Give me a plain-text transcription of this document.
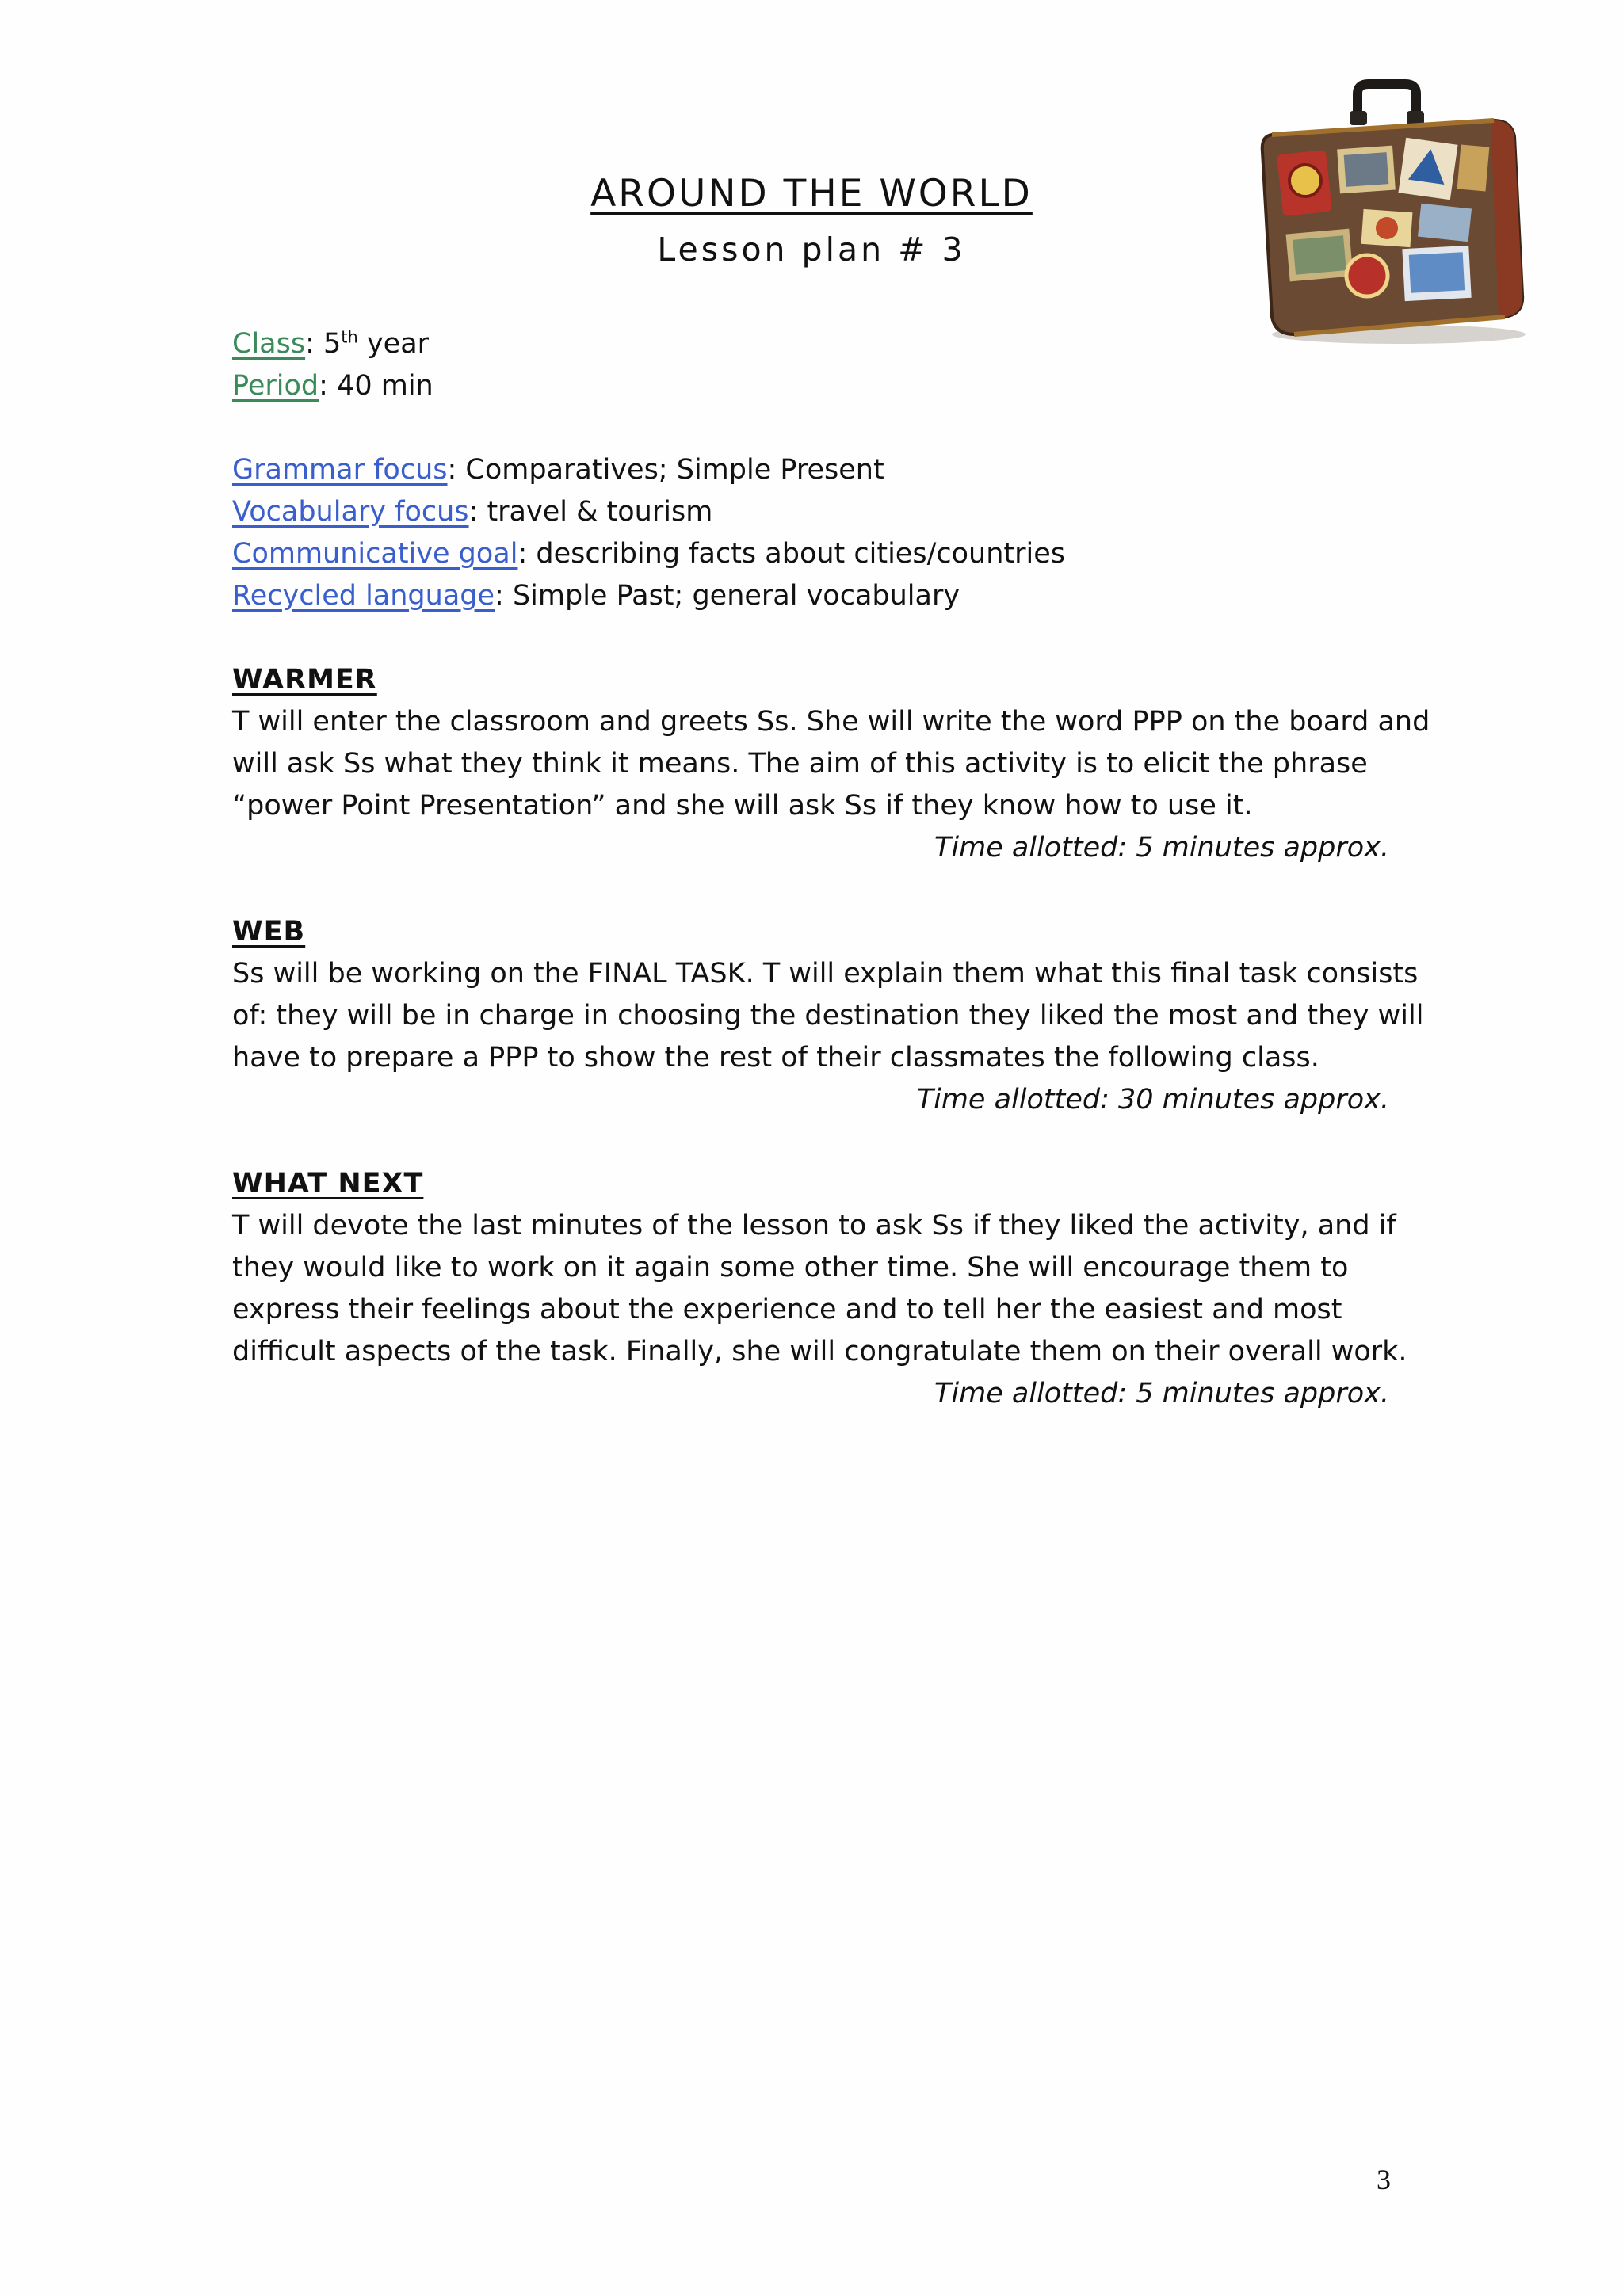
AROUND THE WORLD
Lesson plan # 3

Class: 5th year

Period: 40 min

Grammar focus: Comparatives; Simple Present

Vocabulary focus: travel & tourism

Communicative goal: describing facts about cities/countries

Recycled language: Simple Past; general vocabulary

WARMER

T will enter the classroom and greets Ss. She will write the word PPP on the board and

will ask Ss what they think it means. The aim of this activity is to elicit the phrase

“power Point Presentation” and she will ask Ss if they know how to use it.

Time allotted: 5 minutes approx.

WEB

Ss will be working on the FINAL TASK. T will explain them what this final task consists

of: they will be in charge in choosing the destination they liked the most and they will

have to prepare a PPP to show the rest of their classmates the following class.

Time allotted: 30 minutes approx.

WHAT NEXT

T will devote the last minutes of the lesson to ask Ss if they liked the activity, and if

they would like to work on it again some other time. She will encourage them to

express their feelings about the experience and to tell her the easiest and most

difficult aspects of the task. Finally, she will congratulate them on their overall work.

Time allotted: 5 minutes approx.

3
